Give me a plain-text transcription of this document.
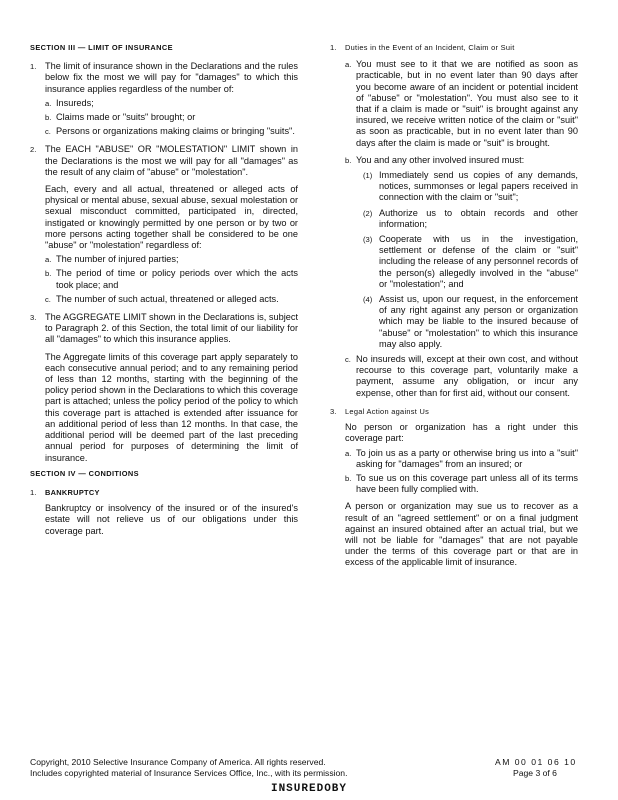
SECTION III — LIMIT OF INSURANCE
1. The limit of insurance shown in the Declarations and the rules below fix the most we will pay for "damages" to which this insurance applies regardless of the number of:

a. Insureds;
b. Claims made or "suits" brought; or
c. Persons or organizations making claims or bringing "suits".
2. The EACH "ABUSE" OR "MOLESTATION" LIMIT shown in the Declarations is the most we will pay for all "damages" as the result of any claim of "abuse" or "molestation".

Each, every and all actual, threatened or alleged acts of physical or mental abuse, sexual abuse, sexual molestation or sexual misconduct committed, participated in, directed, instigated or knowingly permitted by one person or by two or more persons acting together shall be considered to be one "abuse" or "molestation" regardless of:

a. The number of injured parties;
b. The period of time or policy periods over which the acts took place; and
c. The number of such actual, threatened or alleged acts.
3. The AGGREGATE LIMIT shown in the Declarations is, subject to Paragraph 2. of this Section, the total limit of our liability for all "damages" to which this insurance applies.

The Aggregate limits of this coverage part apply separately to each consecutive annual period; and to any remaining period of less than 12 months, starting with the beginning of the policy period shown in the Declarations to which this coverage part is attached; unless the policy period of the policy to which this coverage part is attached is extended after issuance for an additional period of less than 12 months. In that case, the additional period will be deemed part of the last preceding annual period for purposes of determining the limit of insurance.

SECTION IV — CONDITIONS
1.	BANKRUPTCY

Bankruptcy or insolvency of the insured or of the insured's estate will not relieve us of our obligations under this coverage part.

1.	Duties in the Event of an Incident, Claim or Suit

a. You must see to it that we are notified as soon as practicable, but in no event later than 90 days after you become aware of an incident or potential incident of "abuse" or "molestation". You must also see to it that if a claim is made or "suit" is brought against any insured, we receive written notice of the claim or "suit" as soon as practicable, but in no event later than 90 days after the claim is made or "suit" is brought.
b. You and any other involved insured must:
(1) Immediately send us copies of any demands, notices, summonses or legal papers received in connection with the claim or "suit";
(2) Authorize us to obtain records and other information;
(3) Cooperate with us in the investigation, settlement or defense of the claim or "suit" including the release of any personnel records of the person(s) allegedly involved in the "abuse" or "molestation"; and
(4) Assist us, upon our request, in the enforcement of any right against any person or organization which may be liable to the insured because of "abuse" or "molestation" to which this insurance may also apply.
c. No insureds will, except at their own cost, and without recourse to this coverage part, voluntarily make a payment, assume any obligation, or incur any expense, other than for first aid, without our consent.
3.	Legal Action against Us

No person or organization has a right under this coverage part:

a. To join us as a party or otherwise bring us into a "suit" asking for "damages" from an insured; or
b. To sue us on this coverage part unless all of its terms have been fully complied with.

A person or organization may sue us to recover as a result of an "agreed settlement" or on a final judgment against an insured obtained after an actual trial, but we will not be liable for "damages" that are not payable under the terms of this coverage part or that are in excess of the applicable limit of insurance.

Copyright, 2010 Selective Insurance Company of America. All rights reserved.
Includes copyrighted material of Insurance Services Office, Inc., with its permission.
AM 00 01 06 10
Page 3 of 6
INSUREDOBY
